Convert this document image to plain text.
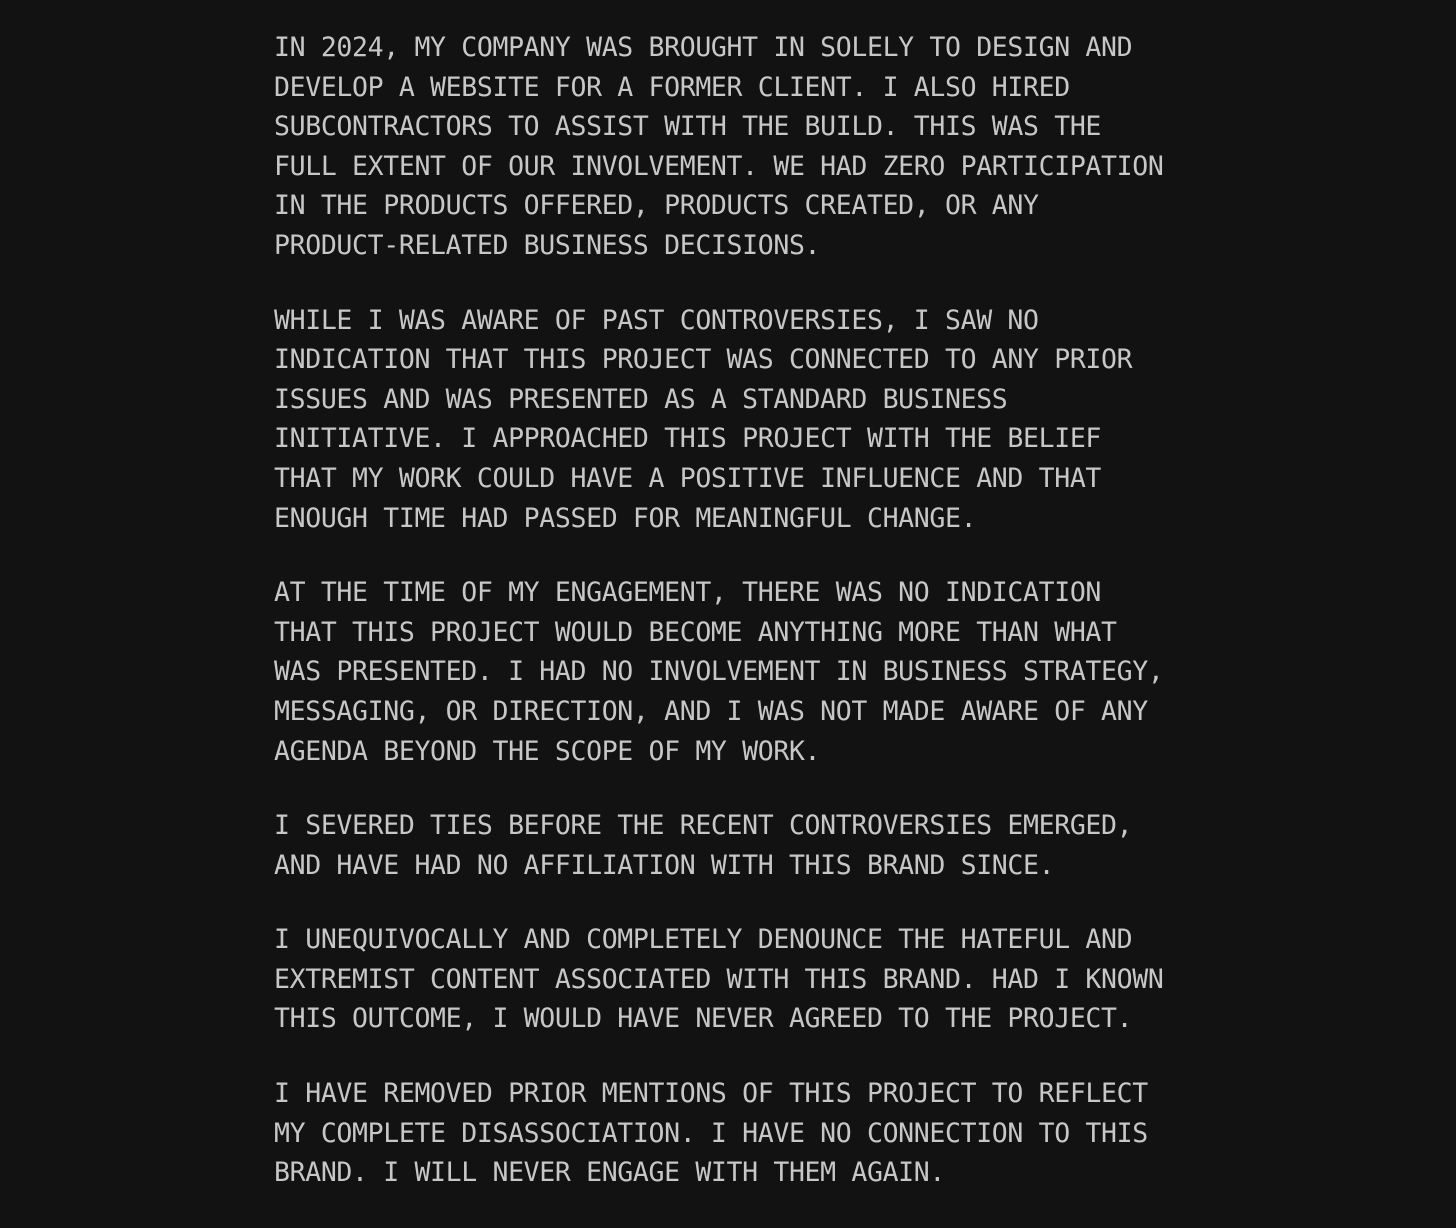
IN 2024, MY COMPANY WAS BROUGHT IN SOLELY TO DESIGN AND
DEVELOP A WEBSITE FOR A FORMER CLIENT. I ALSO HIRED
SUBCONTRACTORS TO ASSIST WITH THE BUILD. THIS WAS THE
FULL EXTENT OF OUR INVOLVEMENT. WE HAD ZERO PARTICIPATION
IN THE PRODUCTS OFFERED, PRODUCTS CREATED, OR ANY
PRODUCT-RELATED BUSINESS DECISIONS.

WHILE I WAS AWARE OF PAST CONTROVERSIES, I SAW NO
INDICATION THAT THIS PROJECT WAS CONNECTED TO ANY PRIOR
ISSUES AND WAS PRESENTED AS A STANDARD BUSINESS
INITIATIVE. I APPROACHED THIS PROJECT WITH THE BELIEF
THAT MY WORK COULD HAVE A POSITIVE INFLUENCE AND THAT
ENOUGH TIME HAD PASSED FOR MEANINGFUL CHANGE.

AT THE TIME OF MY ENGAGEMENT, THERE WAS NO INDICATION
THAT THIS PROJECT WOULD BECOME ANYTHING MORE THAN WHAT
WAS PRESENTED. I HAD NO INVOLVEMENT IN BUSINESS STRATEGY,
MESSAGING, OR DIRECTION, AND I WAS NOT MADE AWARE OF ANY
AGENDA BEYOND THE SCOPE OF MY WORK.

I SEVERED TIES BEFORE THE RECENT CONTROVERSIES EMERGED,
AND HAVE HAD NO AFFILIATION WITH THIS BRAND SINCE.

I UNEQUIVOCALLY AND COMPLETELY DENOUNCE THE HATEFUL AND
EXTREMIST CONTENT ASSOCIATED WITH THIS BRAND. HAD I KNOWN
THIS OUTCOME, I WOULD HAVE NEVER AGREED TO THE PROJECT.

I HAVE REMOVED PRIOR MENTIONS OF THIS PROJECT TO REFLECT
MY COMPLETE DISASSOCIATION. I HAVE NO CONNECTION TO THIS
BRAND. I WILL NEVER ENGAGE WITH THEM AGAIN.
